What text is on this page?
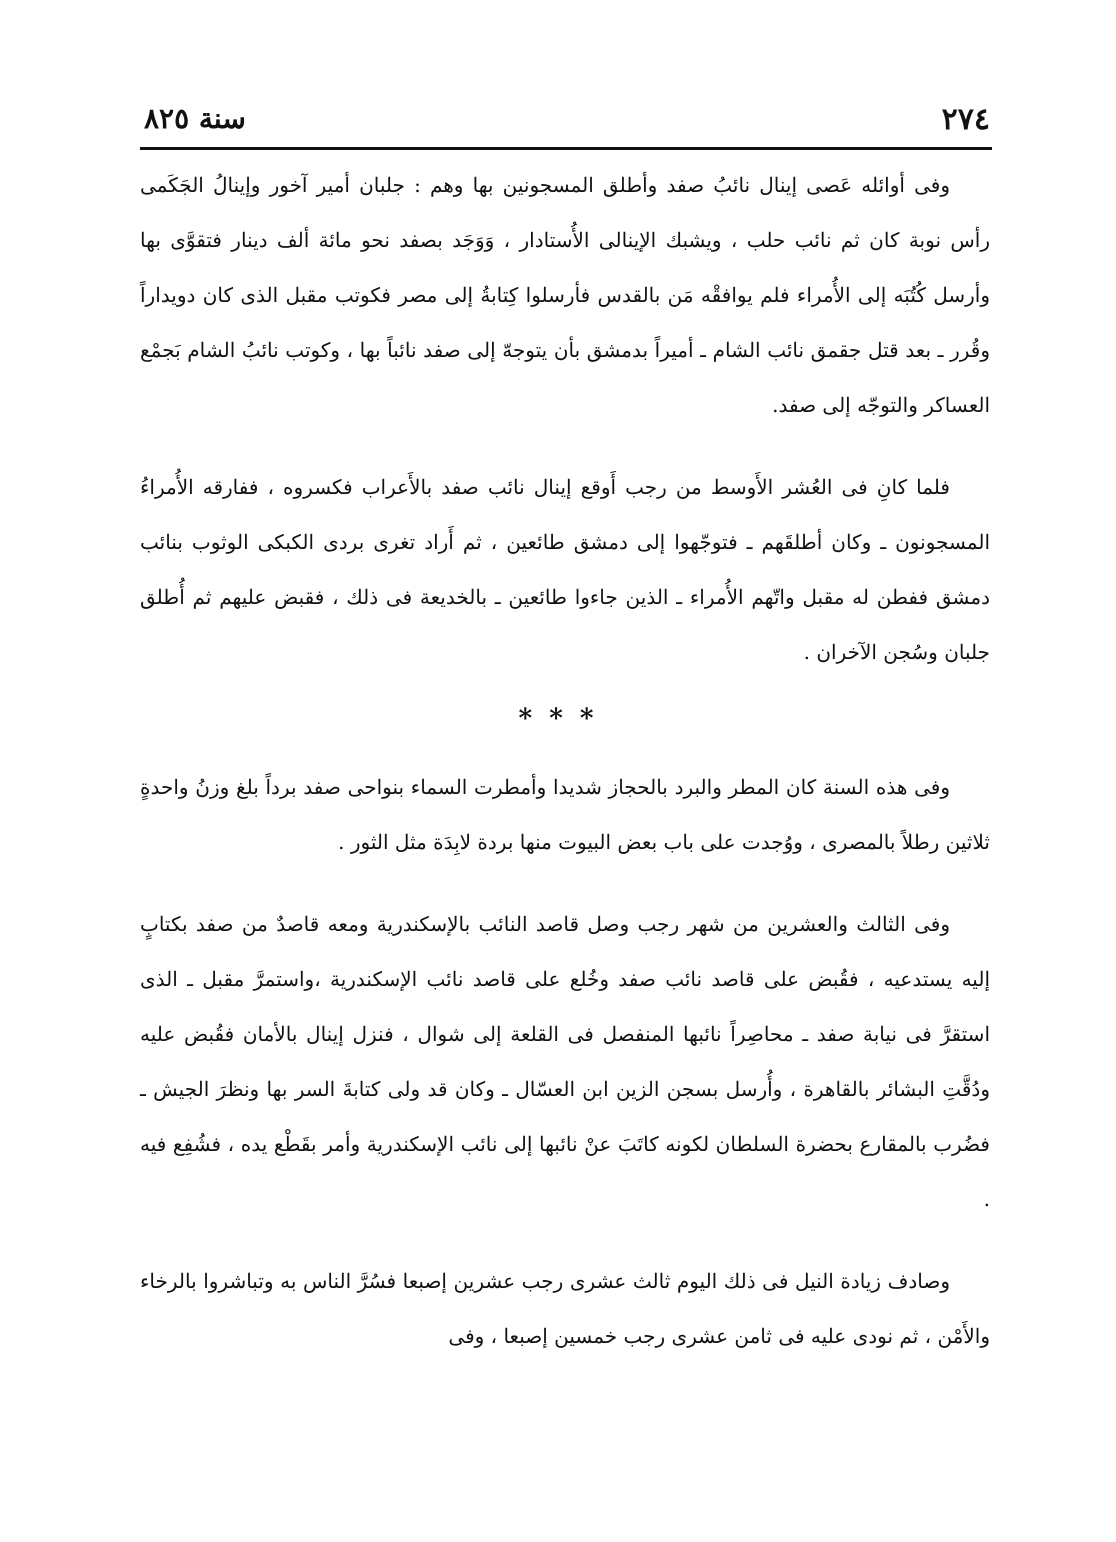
٢٧٤
سنة ٨٢٥

وفى أوائله عَصى إينال نائبُ صفد وأطلق المسجونين بها وهم : جلبان أمير آخور وإينالُ الجَكَمى رأس نوبة كان ثم نائب حلب ، ويشبك الإينالى الأُستادار ، وَوَجَد بصفد نحو مائة ألف دينار فتقوَّى بها وأرسل كُتُبَه إلى الأُمراء فلم يوافقْه مَن بالقدس فأرسلوا كِتابةُ إلى مصر فكوتب مقبل الذى كان دويداراً وقُرر ـ بعد قتل جقمق نائب الشام ـ أميراً بدمشق بأن يتوجهّ إلى صفد نائباً بها ، وكوتب نائبُ الشام بَجمْع العساكر والتوجّه إلى صفد.

فلما كانِ فى العُشر الأَوسط من رجب أَوقع إينال نائب صفد بالأَعراب فكسروه ، ففارقه الأُمراءُ المسجونون ـ وكان أطلقَهم ـ فتوجّهوا إلى دمشق طائعين ، ثم أَراد تغرى بردى الكبكى الوثوب بنائب دمشق ففطن له مقبل واتّهم الأُمراء ـ الذين جاءوا طائعين ـ بالخديعة فى ذلك ، فقبض عليهم ثم أُطلق جلبان وسُجن الآخران .

وفى هذه السنة كان المطر والبرد بالحجاز شديدا وأمطرت السماء بنواحى صفد برداً بلغ وزنُ واحدةٍ ثلاثين رطلاً بالمصرى ، ووُجدت على باب بعض البيوت منها بردة لابِدَة مثل الثور .

وفى الثالث والعشرين من شهر رجب وصل قاصد النائب بالإسكندرية ومعه قاصدٌ من صفد بكتابٍ إليه يستدعيه ، فقُبض على قاصد نائب صفد وخُلع على قاصد نائب الإسكندرية ،واستمرَّ مقبل ـ الذى استقرَّ فى نيابة صفد ـ محاصِراً نائبها المنفصل فى القلعة إلى شوال ، فنزل إينال بالأمان فقُبض عليه ودُقَّتِ البشائر بالقاهرة ، وأُرسل بسجن الزين ابن العسّال ـ وكان قد ولى كتابةَ السر بها ونظرَ الجيش ـ فضُرب بالمقارع بحضرة السلطان لكونه كاتَبَ عنْ نائبها إلى نائب الإسكندرية وأمر بقَطْع يده ، فشُفِع فيه .

وصادف زيادة النيل فى ذلك اليوم ثالث عشرى رجب عشرين إصبعا فسُرَّ الناس به وتباشروا بالرخاء والأَمْن ، ثم نودى عليه فى ثامن عشرى رجب خمسين إصبعا ، وفى

* * *
